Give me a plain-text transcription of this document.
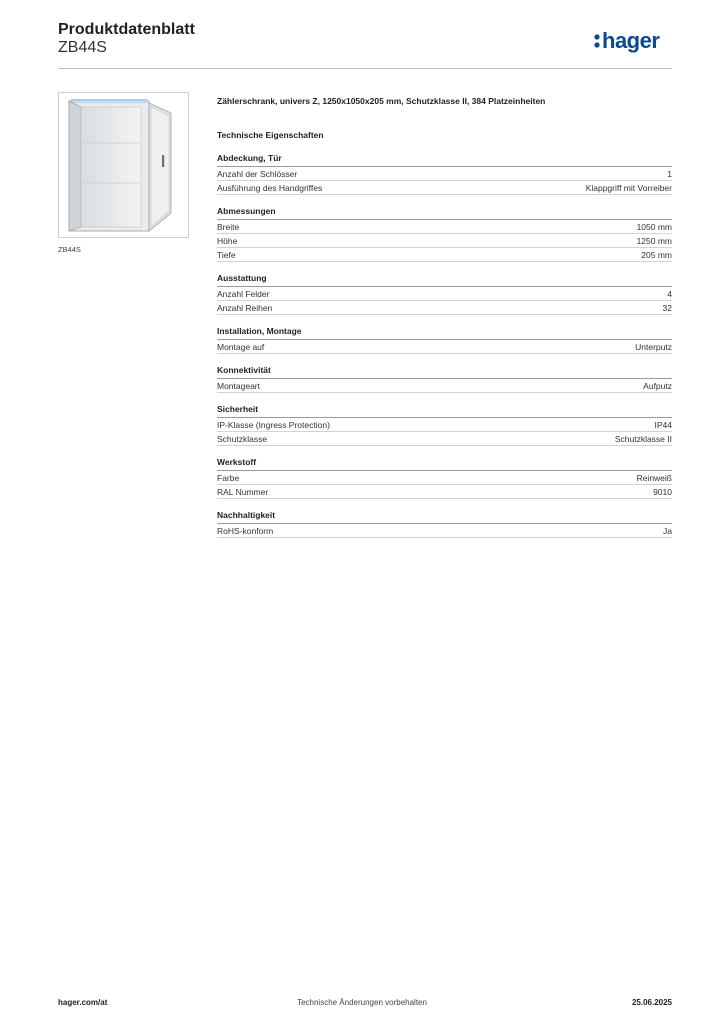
Produktdatenblatt
ZB44S	hager
ZB44S
Zählerschrank, univers Z, 1250x1050x205 mm, Schutzklasse II, 384 Platzeinheiten
Technische Eigenschaften
Abdeckung, Tür
Anzahl der Schlösser	1
Ausführung des Handgriffes	Klappgriff mit Vorreiber
Abmessungen
Breite	1050 mm
Höhe	1250 mm
Tiefe	205 mm
Ausstattung
Anzahl Felder	4
Anzahl Reihen	32
Installation, Montage
Montage auf	Unterputz
Konnektivität
Montageart	Aufputz
Sicherheit
IP-Klasse (Ingress Protection)	IP44
Schutzklasse	Schutzklasse II
Werkstoff
Farbe	Reinweiß
RAL Nummer	9010
Nachhaltigkeit
RoHS-konform	Ja
hager.com/at	Technische Änderungen vorbehalten	25.06.2025
